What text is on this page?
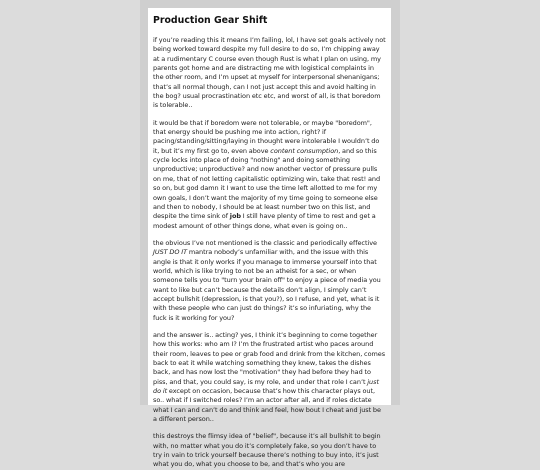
Production Gear Shift

if you’re reading this it means I’m failing, lol, I have set goals actively not being worked toward despite my full desire to do so, I’m chipping away at a rudimentary C course even though Rust is what I plan on using, my parents got home and are distracting me with logistical complaints in the other room, and I’m upset at myself for interpersonal shenanigans; that’s all normal though, can I not just accept this and avoid halting in the bog? usual procrastination etc etc, and worst of all, is that boredom is tolerable..

it would be that if boredom were not tolerable, or maybe "boredom", that energy should be pushing me into action, right? if pacing/standing/sitting/laying in thought were intolerable I wouldn’t do it, but it’s my first go to, even above content consumption, and so this cycle locks into place of doing "nothing" and doing something unproductive; unproductive? and now another vector of pressure pulls on me, that of not letting capitalistic optimizing win, take that rest! and so on, but god damn it I want to use the time left allotted to me for my own goals, I don’t want the majority of my time going to someone else and then to nobody, I should be at least number two on this list, and despite the time sink of job I still have plenty of time to rest and get a modest amount of other things done, what even is going on..

the obvious I’ve not mentioned is the classic and periodically effective JUST DO IT mantra nobody’s unfamiliar with, and the issue with this angle is that it only works if you manage to immerse yourself into that world, which is like trying to not be an atheist for a sec, or when someone tells you to "turn your brain off" to enjoy a piece of media you want to like but can’t because the details don’t align, I simply can’t accept bullshit (depression, is that you?), so I refuse, and yet, what is it with these people who can just do things? it’s so infuriating, why the fuck is it working for you?

and the answer is.. acting? yes, I think it’s beginning to come together how this works: who am I? I’m the frustrated artist who paces around their room, leaves to pee or grab food and drink from the kitchen, comes back to eat it while watching something they knew, takes the dishes back, and has now lost the "motivation" they had before they had to piss, and that, you could say, is my role, and under that role I can’t just do it except on occasion, because that’s how this character plays out, so.. what if I switched roles? I’m an actor after all, and if roles dictate what I can and can’t do and think and feel, how bout I cheat and just be a different person..

this destroys the flimsy idea of "belief", because it’s all bullshit to begin with, no matter what you do it’s completely fake, so you don’t have to try in vain to trick yourself because there’s nothing to buy into, it’s just what you do, what you choose to be, and that’s who you are
